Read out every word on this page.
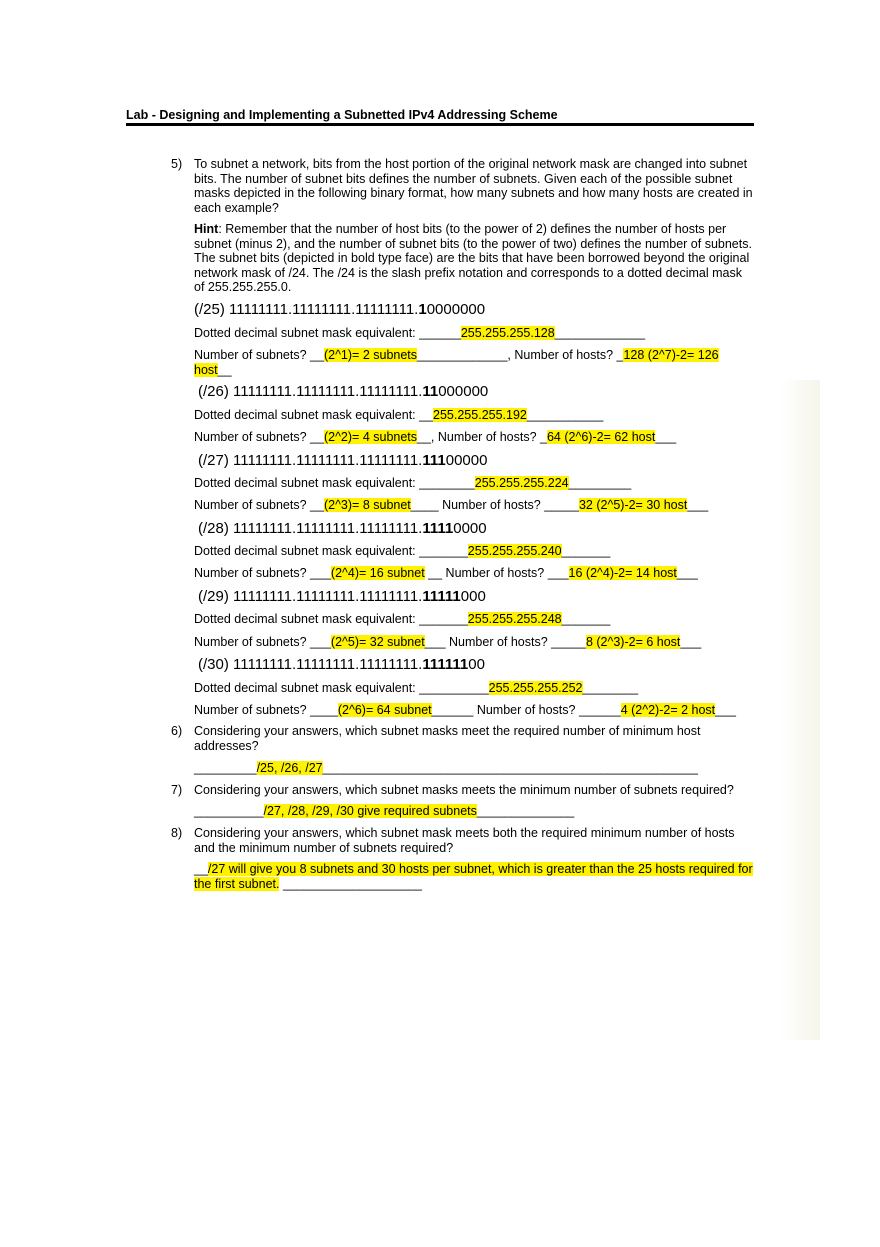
Lab - Designing and Implementing a Subnetted IPv4 Addressing Scheme
5) To subnet a network, bits from the host portion of the original network mask are changed into subnet bits. The number of subnet bits defines the number of subnets. Given each of the possible subnet masks depicted in the following binary format, how many subnets and how many hosts are created in each example?
Hint: Remember that the number of host bits (to the power of 2) defines the number of hosts per subnet (minus 2), and the number of subnet bits (to the power of two) defines the number of subnets. The subnet bits (depicted in bold type face) are the bits that have been borrowed beyond the original network mask of /24. The /24 is the slash prefix notation and corresponds to a dotted decimal mask of 255.255.255.0.
(/25) 11111111.11111111.11111111.10000000
Dotted decimal subnet mask equivalent: ______255.255.255.128_____________
Number of subnets? __(2^1)= 2 subnets_____________, Number of hosts? _128 (2^7)-2= 126
host__
(/26) 11111111.11111111.11111111.11000000
Dotted decimal subnet mask equivalent: __255.255.255.192___________
Number of subnets? __(2^2)= 4 subnets__, Number of hosts? _64 (2^6)-2= 62 host___
(/27) 11111111.11111111.11111111.11100000
Dotted decimal subnet mask equivalent: ________255.255.255.224_________
Number of subnets? __(2^3)= 8 subnet____ Number of hosts? _____32 (2^5)-2= 30 host___
(/28) 11111111.11111111.11111111.11110000
Dotted decimal subnet mask equivalent: _______255.255.255.240_______
Number of subnets? ___(2^4)= 16 subnet __ Number of hosts? ___16 (2^4)-2= 14 host___
(/29) 11111111.11111111.11111111.11111000
Dotted decimal subnet mask equivalent: _______255.255.255.248_______
Number of subnets? ___(2^5)= 32 subnet___ Number of hosts? _____8 (2^3)-2= 6 host___
(/30) 11111111.11111111.11111111.11111100
Dotted decimal subnet mask equivalent: __________255.255.255.252________
Number of subnets? ____(2^6)= 64 subnet______ Number of hosts? ______4 (2^2)-2= 2 host___
6) Considering your answers, which subnet masks meet the required number of minimum host addresses?
_________/25, /26, /27______________________________________________________
7) Considering your answers, which subnet masks meets the minimum number of subnets required?
__________/27, /28, /29, /30 give required subnets______________
8) Considering your answers, which subnet mask meets both the required minimum number of hosts and the minimum number of subnets required?
__/27 will give you 8 subnets and 30 hosts per subnet, which is greater than the 25 hosts required for the first subnet. ____________________
